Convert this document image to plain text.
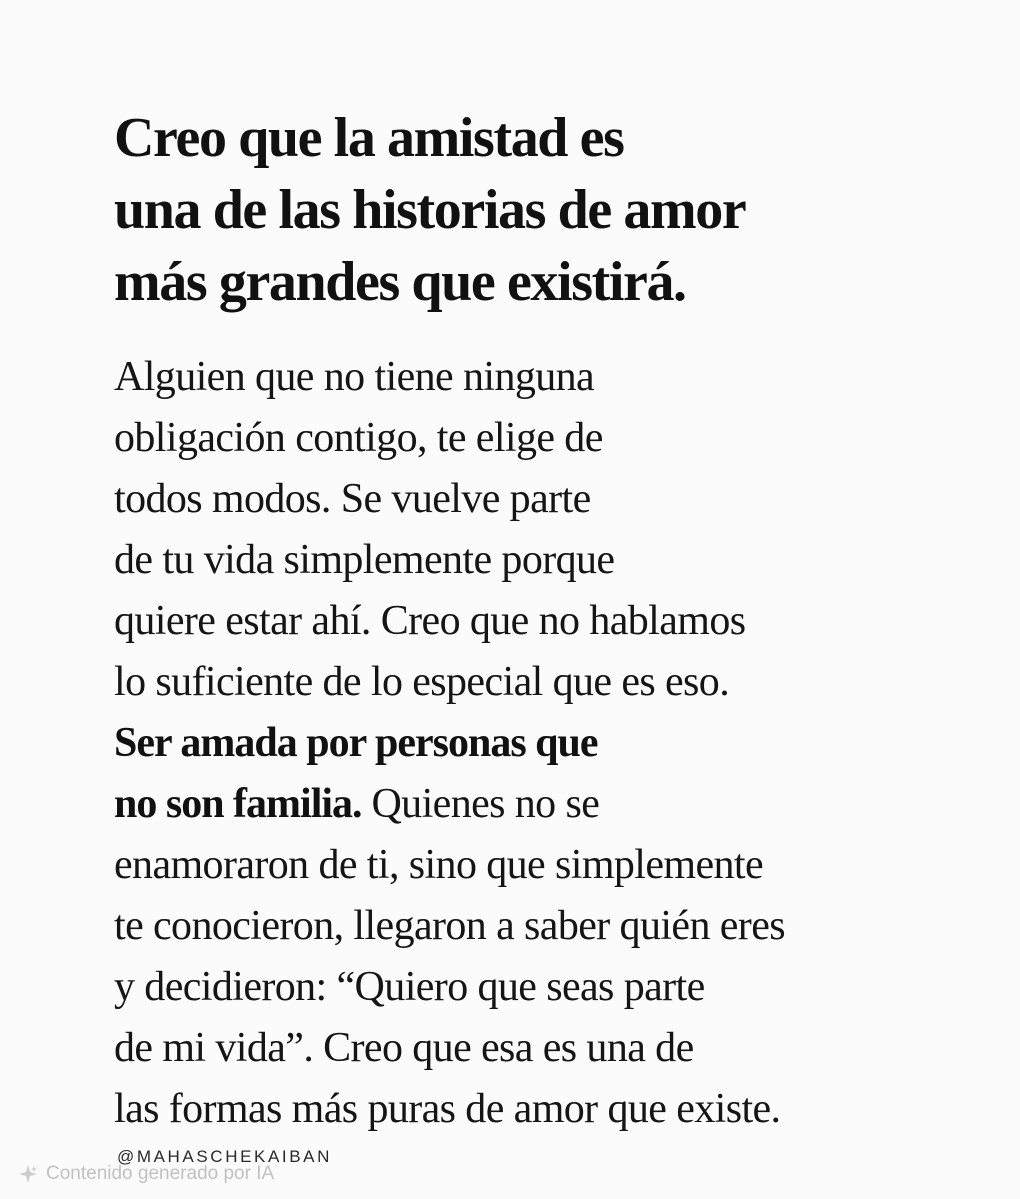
Creo que la amistad es
una de las historias de amor
más grandes que existirá.
Alguien que no tiene ninguna
obligación contigo, te elige de
todos modos. Se vuelve parte
de tu vida simplemente porque
quiere estar ahí. Creo que no hablamos
lo suficiente de lo especial que es eso.
Ser amada por personas que
no son familia. Quienes no se
enamoraron de ti, sino que simplemente
te conocieron, llegaron a saber quién eres
y decidieron: “Quiero que seas parte
de mi vida”. Creo que esa es una de
las formas más puras de amor que existe.
@MAHASCHEKAIBAN
Contenido generado por IA
